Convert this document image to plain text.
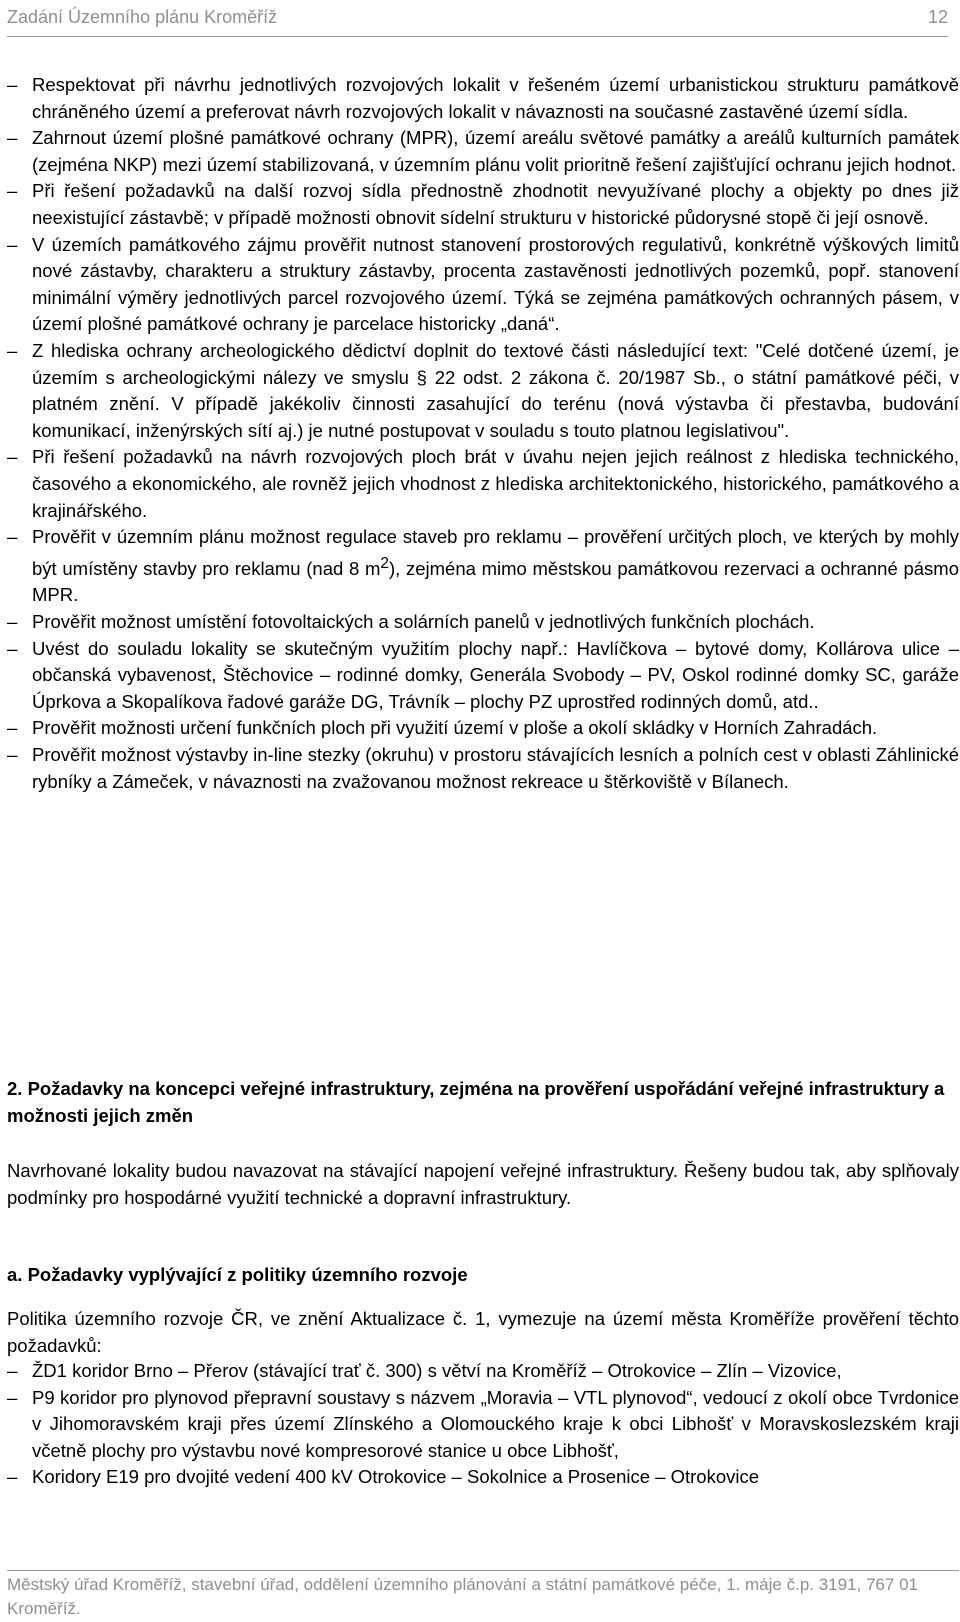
Zadání Územního plánu Kroměříž	12
– Respektovat při návrhu jednotlivých rozvojových lokalit v řešeném území urbanistickou strukturu památkově chráněného území a preferovat návrh rozvojových lokalit v návaznosti na současné zastavěné území sídla.
– Zahrnout území plošné památkové ochrany (MPR), území areálu světové památky a areálů kulturních památek (zejména NKP) mezi území stabilizovaná, v územním plánu volit prioritně řešení zajišťující ochranu jejich hodnot.
– Při řešení požadavků na další rozvoj sídla přednostně zhodnotit nevyužívané plochy a objekty po dnes již neexistující zástavbě; v případě možnosti obnovit sídelní strukturu v historické půdorysné stopě či její osnově.
– V územích památkového zájmu prověřit nutnost stanovení prostorových regulativů, konkrétně výškových limitů nové zástavby, charakteru a struktury zástavby, procenta zastavěnosti jednotlivých pozemků, popř. stanovení minimální výměry jednotlivých parcel rozvojového území. Týká se zejména památkových ochranných pásem, v území plošné památkové ochrany je parcelace historicky „daná“.
– Z hlediska ochrany archeologického dědictví doplnit do textové části následující text: "Celé dotčené území, je územím s archeologickými nálezy ve smyslu § 22 odst. 2 zákona č. 20/1987 Sb., o státní památkové péči, v platném znění. V případě jakékoliv činnosti zasahující do terénu (nová výstavba či přestavba, budování komunikací, inženýrských sítí aj.) je nutné postupovat v souladu s touto platnou legislativou".
– Při řešení požadavků na návrh rozvojových ploch brát v úvahu nejen jejich reálnost z hlediska technického, časového a ekonomického, ale rovněž jejich vhodnost z hlediska architektonického, historického, památkového a krajinářského.
– Prověřit v územním plánu možnost regulace staveb pro reklamu – prověření určitých ploch, ve kterých by mohly být umístěny stavby pro reklamu (nad 8 $m^2$), zejména mimo městskou památkovou rezervaci a ochranné pásmo MPR.
– Prověřit možnost umístění fotovoltaických a solárních panelů v jednotlivých funkčních plochách.
– Uvést do souladu lokality se skutečným využitím plochy např.: Havlíčkova – bytové domy, Kollárova ulice – občanská vybavenost, Štěchovice – rodinné domky, Generála Svobody – PV, Oskol rodinné domky SC, garáže Úprkova a Skopalíkova řadové garáže DG, Trávník – plochy PZ uprostřed rodinných domů, atd..
– Prověřit možnosti určení funkčních ploch při využití území v ploše a okolí skládky v Horních Zahradách.
– Prověřit možnost výstavby in-line stezky (okruhu) v prostoru stávajících lesních a polních cest v oblasti Záhlinické rybníky a Zámeček, v návaznosti na zvažovanou možnost rekreace u štěrkoviště v Bílanech.
2. Požadavky na koncepci veřejné infrastruktury, zejména na prověření uspořádání veřejné infrastruktury a možnosti jejich změn
Navrhované lokality budou navazovat na stávající napojení veřejné infrastruktury. Řešeny budou tak, aby splňovaly podmínky pro hospodárné využití technické a dopravní infrastruktury.
a. Požadavky vyplývající z politiky územního rozvoje
Politika územního rozvoje ČR, ve znění Aktualizace č. 1, vymezuje na území města Kroměříže prověření těchto požadavků:
– ŽD1 koridor Brno – Přerov (stávající trať č. 300) s větví na Kroměříž – Otrokovice – Zlín – Vizovice,
– P9 koridor pro plynovod přepravní soustavy s názvem „Moravia – VTL plynovod“, vedoucí z okolí obce Tvrdonice v Jihomoravském kraji přes území Zlínského a Olomouckého kraje k obci Libhošť v Moravskoslezském kraji včetně plochy pro výstavbu nové kompresorové stanice u obce Libhošť,
– Koridory E19 pro dvojité vedení 400 kV Otrokovice – Sokolnice a Prosenice – Otrokovice
Městský úřad Kroměříž, stavební úřad, oddělení územního plánování a státní památkové péče, 1. máje č.p. 3191, 767 01 Kroměříž.
